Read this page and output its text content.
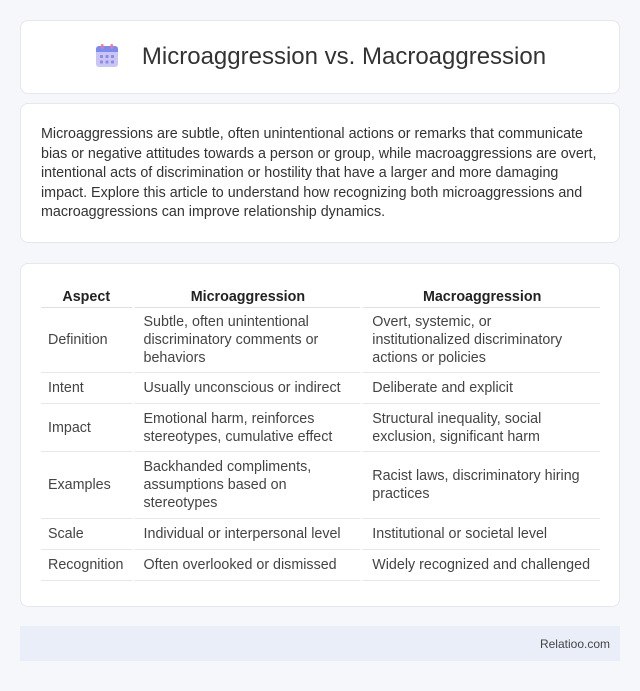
Microaggression vs. Macroaggression

Microaggressions are subtle, often unintentional actions or remarks that communicate bias or negative attitudes towards a person or group, while macroaggressions are overt, intentional acts of discrimination or hostility that have a larger and more damaging impact. Explore this article to understand how recognizing both microaggressions and macroaggressions can improve relationship dynamics.

Aspect	Microaggression	Macroaggression
Definition	Subtle, often unintentional discriminatory comments or behaviors	Overt, systemic, or institutionalized discriminatory actions or policies
Intent	Usually unconscious or indirect	Deliberate and explicit
Impact	Emotional harm, reinforces stereotypes, cumulative effect	Structural inequality, social exclusion, significant harm
Examples	Backhanded compliments, assumptions based on stereotypes	Racist laws, discriminatory hiring practices
Scale	Individual or interpersonal level	Institutional or societal level
Recognition	Often overlooked or dismissed	Widely recognized and challenged
Relatioo.com
